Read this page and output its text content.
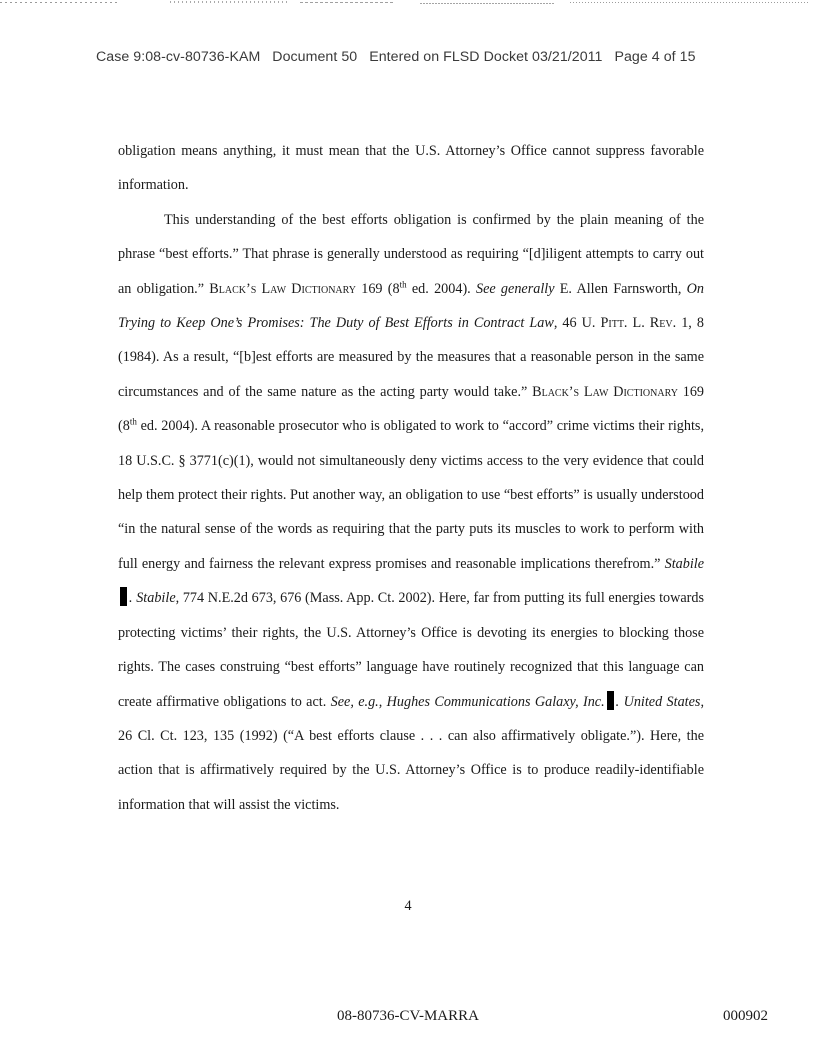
Case 9:08-cv-80736-KAM   Document 50   Entered on FLSD Docket 03/21/2011   Page 4 of 15

obligation means anything, it must mean that the U.S. Attorney’s Office cannot suppress favorable information.

This understanding of the best efforts obligation is confirmed by the plain meaning of the phrase “best efforts.” That phrase is generally understood as requiring “[d]iligent attempts to carry out an obligation.” Black’s Law Dictionary 169 (8th ed. 2004). See generally E. Allen Farnsworth, On Trying to Keep One’s Promises: The Duty of Best Efforts in Contract Law, 46 U. Pitt. L. Rev. 1, 8 (1984). As a result, “[b]est efforts are measured by the measures that a reasonable person in the same circumstances and of the same nature as the acting party would take.” Black’s Law Dictionary 169 (8th ed. 2004). A reasonable prosecutor who is obligated to work to “accord” crime victims their rights, 18 U.S.C. § 3771(c)(1), would not simultaneously deny victims access to the very evidence that could help them protect their rights. Put another way, an obligation to use “best efforts” is usually understood “in the natural sense of the words as requiring that the party puts its muscles to work to perform with full energy and fairness the relevant express promises and reasonable implications therefrom.” Stabile. Stabile, 774 N.E.2d 673, 676 (Mass. App. Ct. 2002). Here, far from putting its full energies towards protecting victims’ their rights, the U.S. Attorney’s Office is devoting its energies to blocking those rights. The cases construing “best efforts” language have routinely recognized that this language can create affirmative obligations to act. See, e.g., Hughes Communications Galaxy, Inc. . United States, 26 Cl. Ct. 123, 135 (1992) (“A best efforts clause . . . can also affirmatively obligate.”). Here, the action that is affirmatively required by the U.S. Attorney’s Office is to produce readily-identifiable information that will assist the victims.

4
08-80736-CV-MARRA	000902
